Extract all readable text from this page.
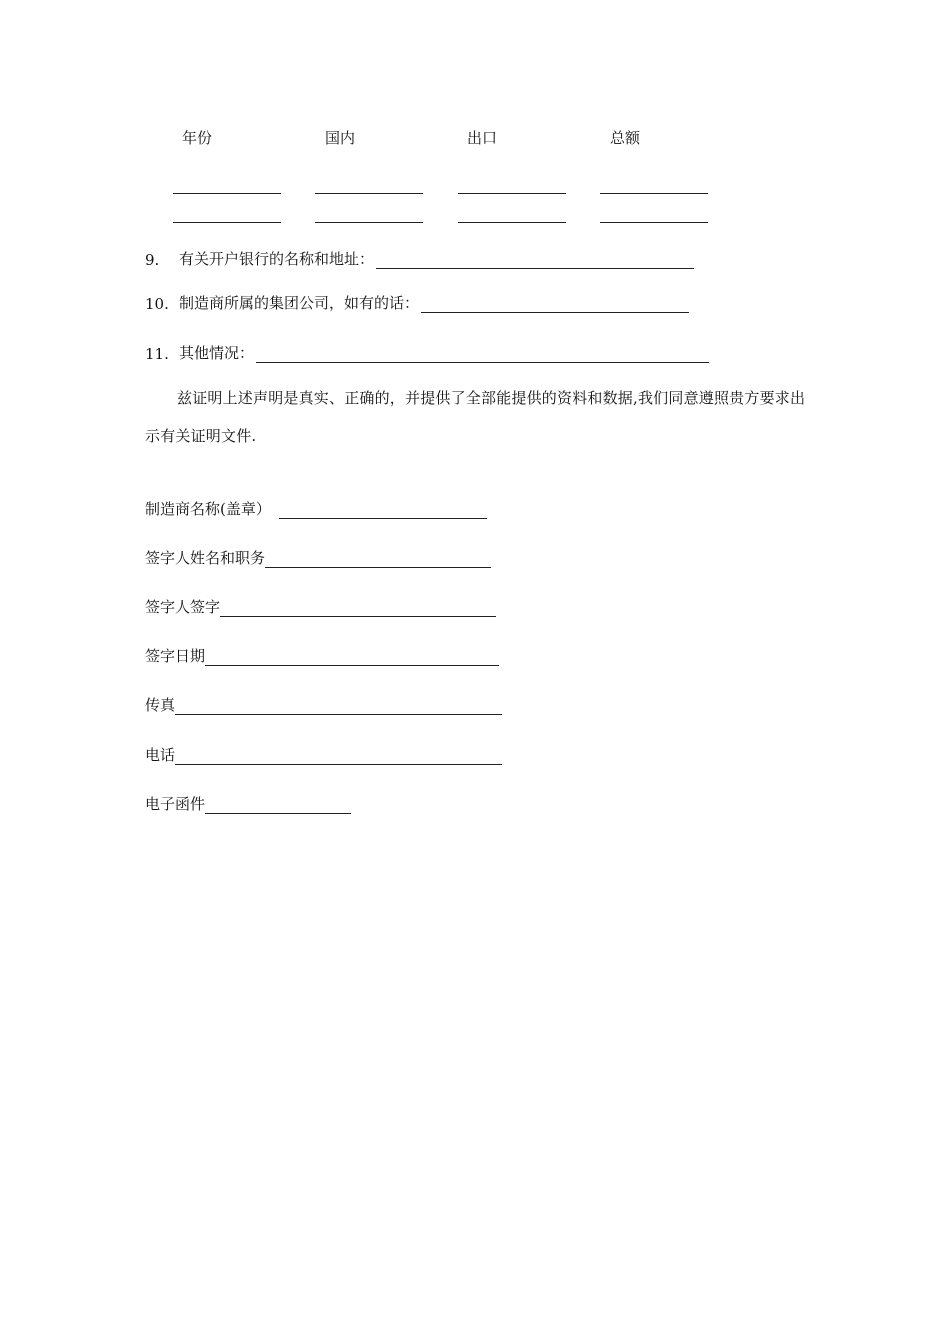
年份	国内	出口	总额
9.	有关开户银行的名称和地址：
10. 制造商所属的集团公司，如有的话：
11. 其他情况：
兹证明上述声明是真实、正确的，并提供了全部能提供的资料和数据,我们同意遵照贵方要求出示有关证明文件.
制造商名称(盖章）
签字人姓名和职务
签字人签字
签字日期
传真
电话
电子函件
